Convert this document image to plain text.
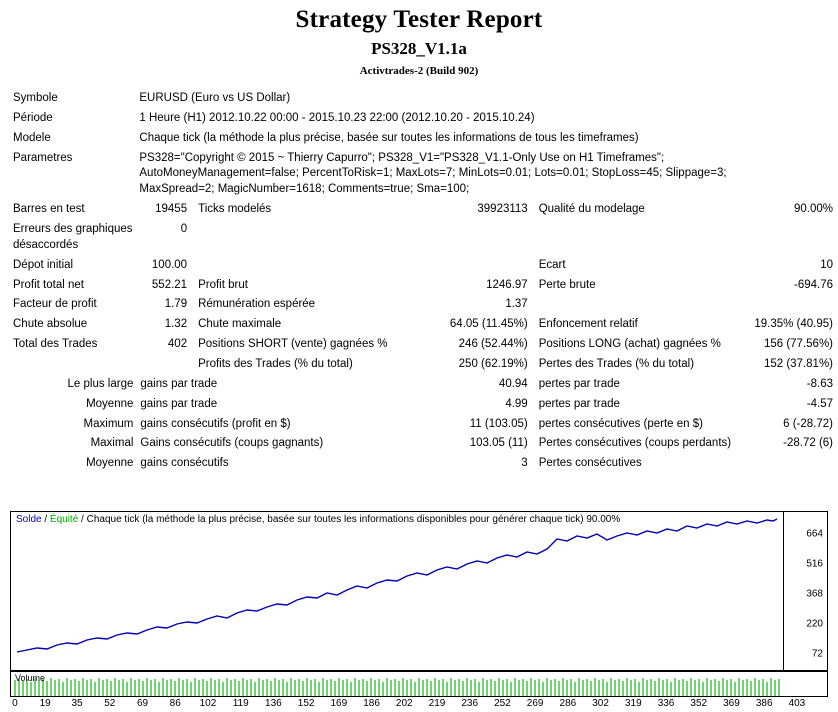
Strategy Tester Report
PS328_V1.1a
Activtrades-2 (Build 902)
Symbole	EURUSD (Euro vs US Dollar)				
Période	1 Heure (H1) 2012.10.22 00:00 - 2015.10.23 22:00 (2012.10.20 - 2015.10.24)				
Modele	Chaque tick (la méthode la plus précise, basée sur toutes les informations de tous les timeframes)				
Parametres	PS328="Copyright © 2015 ~ Thierry Capurro"; PS328_V1="PS328_V1.1-Only Use on H1 Timeframes"; AutoMoneyManagement=false; PercentToRisk=1; MaxLots=7; MinLots=0.01; Lots=0.01; StopLoss=45; Slippage=3; MaxSpread=2; MagicNumber=1618; Comments=true; Sma=100;				
Barres en test	19455	Ticks modelés	39923113	Qualité du modelage	90.00%
Erreurs des graphiques désaccordés	0				
Dépot initial	100.00			Ecart	10
Profit total net	552.21	Profit brut	1246.97	Perte brute	-694.76
Facteur de profit	1.79	Rémunération espérée	1.37		
Chute absolue	1.32	Chute maximale	64.05 (11.45%)	Enfoncement relatif	19.35% (40.95)
Total des Trades	402	Positions SHORT (vente) gagnées %	246 (52.44%)	Positions LONG (achat) gagnées %	156 (77.56%)
		Profits des Trades (% du total)	250 (62.19%)	Pertes des Trades (% du total)	152 (37.81%)
Le plus large	gains par trade		40.94	pertes par trade	-8.63
Moyenne	gains par trade		4.99	pertes par trade	-4.57
Maximum	gains consécutifs (profit en $)		11 (103.05)	pertes consécutives (perte en $)	6 (-28.72)
Maximal	Gains consécutifs (coups gagnants)		103.05 (11)	Pertes consécutives (coups perdants)	-28.72 (6)
Moyenne	gains consécutifs		3	Pertes consécutives	
Solde / Équité / Chaque tick (la méthode la plus précise, basée sur toutes les informations disponibles pour générer chaque tick) 90.00%
664
516
368
220
72
Volume
0 19 35 52 69 86 102 119 136 152 169 186 202 219 236 252 269 286 302 319 336 352 369 386 403
